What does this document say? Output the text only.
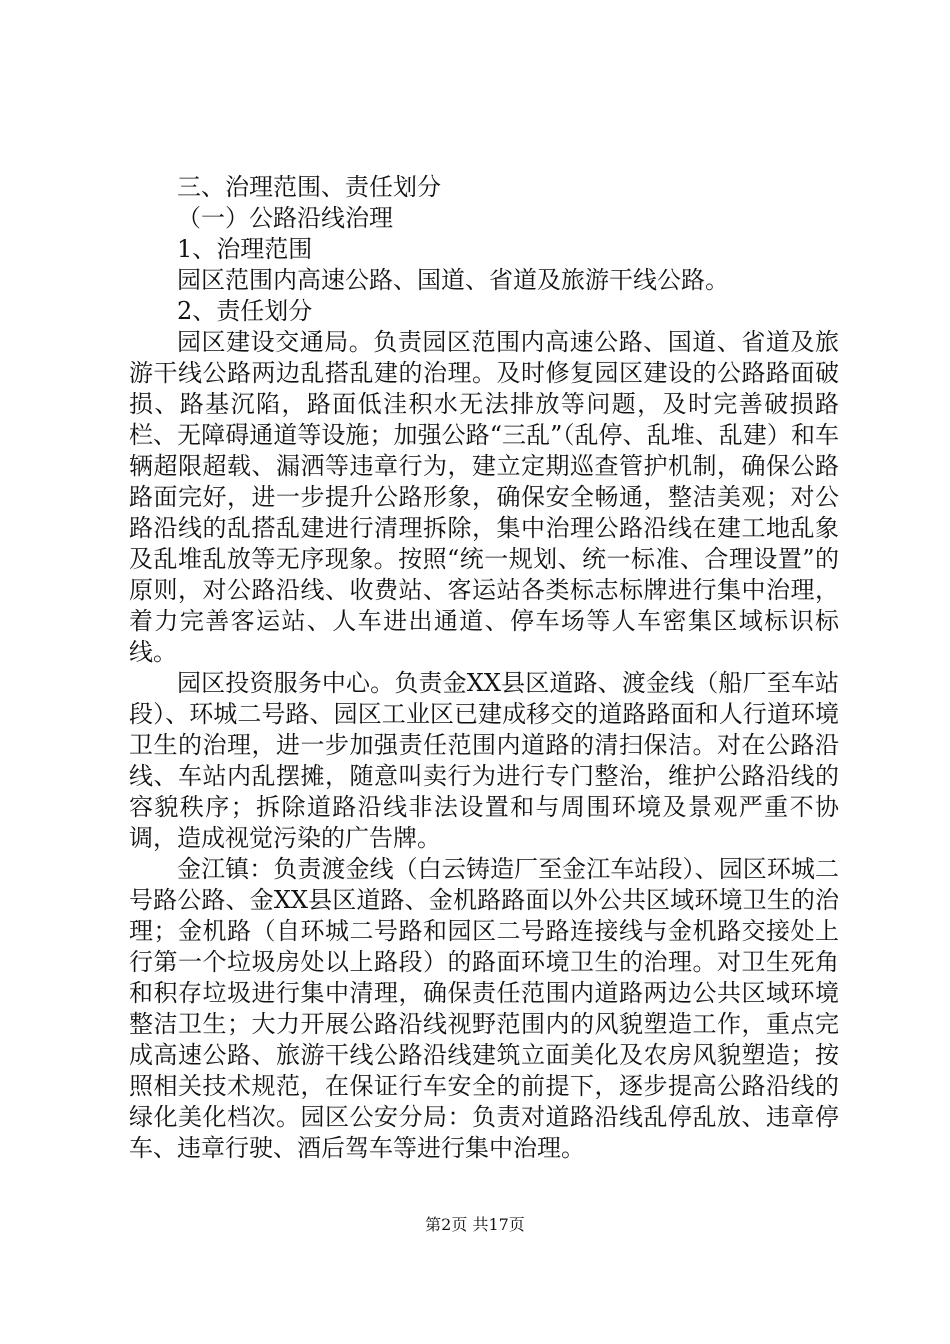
三、治理范围、责任划分
（一）公路沿线治理
1、治理范围
园区范围内高速公路、国道、省道及旅游干线公路。
2、责任划分

园区建设交通局。负责园区范围内高速公路、国道、省道及旅游干线公路两边乱搭乱建的治理。及时修复园区建设的公路路面破损、路基沉陷，路面低洼积水无法排放等问题，及时完善破损路栏、无障碍通道等设施；加强公路“三乱”（乱停、乱堆、乱建）和车辆超限超载、漏洒等违章行为，建立定期巡查管护机制，确保公路路面完好，进一步提升公路形象，确保安全畅通，整洁美观；对公路沿线的乱搭乱建进行清理拆除，集中治理公路沿线在建工地乱象及乱堆乱放等无序现象。按照“统一规划、统一标准、合理设置”的原则，对公路沿线、收费站、客运站各类标志标牌进行集中治理，着力完善客运站、人车进出通道、停车场等人车密集区域标识标线。

园区投资服务中心。负责金XX县区道路、渡金线（船厂至车站段）、环城二号路、园区工业区已建成移交的道路路面和人行道环境卫生的治理，进一步加强责任范围内道路的清扫保洁。对在公路沿线、车站内乱摆摊，随意叫卖行为进行专门整治，维护公路沿线的容貌秩序；拆除道路沿线非法设置和与周围环境及景观严重不协调，造成视觉污染的广告牌。

金江镇：负责渡金线（白云铸造厂至金江车站段）、园区环城二号路公路、金XX县区道路、金机路路面以外公共区域环境卫生的治理；金机路（自环城二号路和园区二号路连接线与金机路交接处上行第一个垃圾房处以上路段）的路面环境卫生的治理。对卫生死角和积存垃圾进行集中清理，确保责任范围内道路两边公共区域环境整洁卫生；大力开展公路沿线视野范围内的风貌塑造工作，重点完成高速公路、旅游干线公路沿线建筑立面美化及农房风貌塑造；按照相关技术规范，在保证行车安全的前提下，逐步提高公路沿线的绿化美化档次。园区公安分局：负责对道路沿线乱停乱放、违章停车、违章行驶、酒后驾车等进行集中治理。

第2页 共17页
